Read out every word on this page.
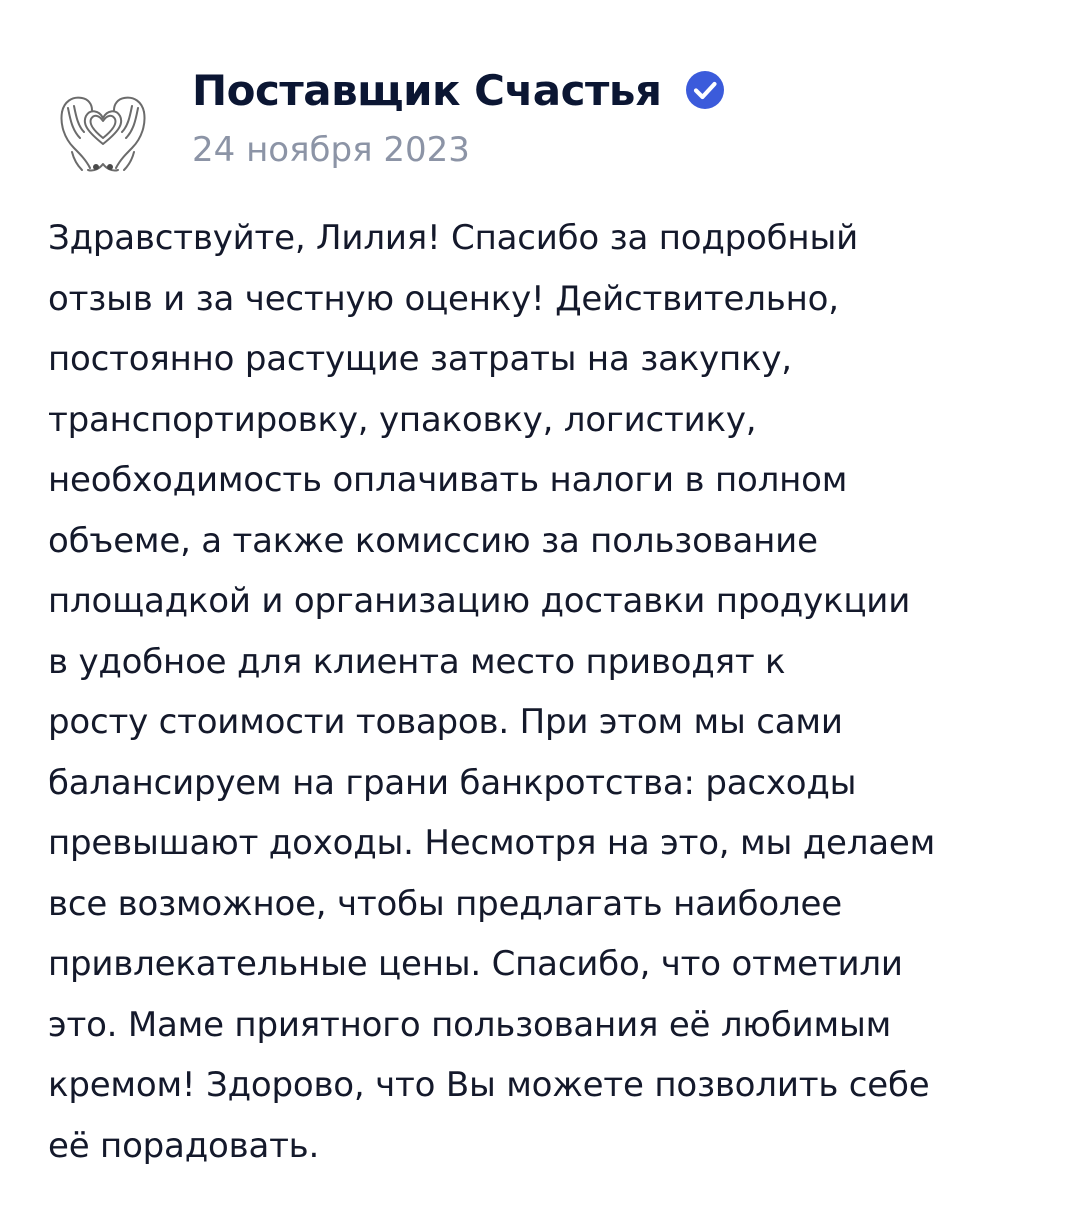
Поставщик Счастья
24 ноября 2023

Здравствуйте, Лилия! Спасибо за подробный
отзыв и за честную оценку! Действительно,
постоянно растущие затраты на закупку,
транспортировку, упаковку, логистику,
необходимость оплачивать налоги в полном
объеме, а также комиссию за пользование
площадкой и организацию доставки продукции
в удобное для клиента место приводят к
росту стоимости товаров. При этом мы сами
балансируем на грани банкротства: расходы
превышают доходы. Несмотря на это, мы делаем
все возможное, чтобы предлагать наиболее
привлекательные цены. Спасибо, что отметили
это. Маме приятного пользования её любимым
кремом! Здорово, что Вы можете позволить себе
её порадовать.
